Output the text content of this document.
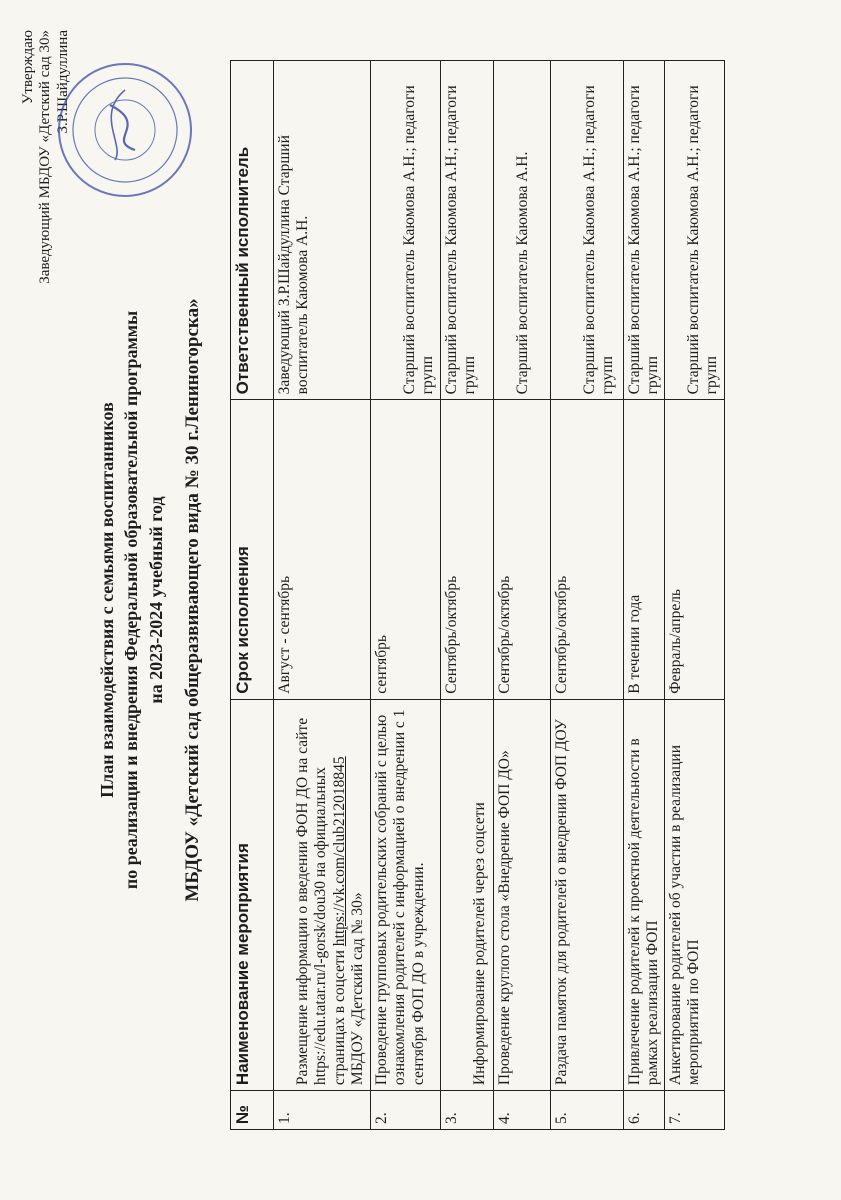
Утверждаю Заведующий МБДОУ «Детский сад 30» З.Р.Шайдуллина
План взаимодействия с семьями воспитанников по реализации и внедрения Федеральной образовательной программы на 2023-2024 учебный год МБДОУ «Детский сад общеразвивающего вида № 30 г.Лениногорска»
№	Наименование мероприятия	Срок исполнения	Ответственный исполнитель
1.	Размещение информации о введении ФОН ДО на сайте https://edu.tatar.ru/l-gorsk/dou30 на официальных страницах в соцсети https://vk.com/club212018845 МБДОУ «Детский сад № 30»	Август - сентябрь	Заведующий З.Р.Шайдуллина Старший воспитатель Каюмова А.Н.
2.	Проведение групповых родительских собраний с целью ознакомления родителей с информацией о внедрении с 1 сентября ФОП ДО в учреждении.	сентябрь	Старший воспитатель Каюмова А.Н.; педагоги групп

3.	Информирование родителей через соцсети	Сентябрь/октябрь	Старший воспитатель Каюмова А.Н.; педагоги групп
4.	Проведение круглого стола «Внедрение ФОП ДО»	Сентябрь/октябрь	Старший воспитатель Каюмова А.Н.

5.	Раздача памяток для родителей о внедрении ФОП ДОУ	Сентябрь/октябрь	Старший воспитатель Каюмова А.Н.; педагоги групп

6.	Привлечение родителей к проектной деятельности в рамках реализации ФОП	В течении года	Старший воспитатель Каюмова А.Н.; педагоги групп
7.	Анкетирование родителей об участии в реализации мероприятий по ФОП	Февраль/апрель	Старший воспитатель Каюмова А.Н.; педагоги групп
